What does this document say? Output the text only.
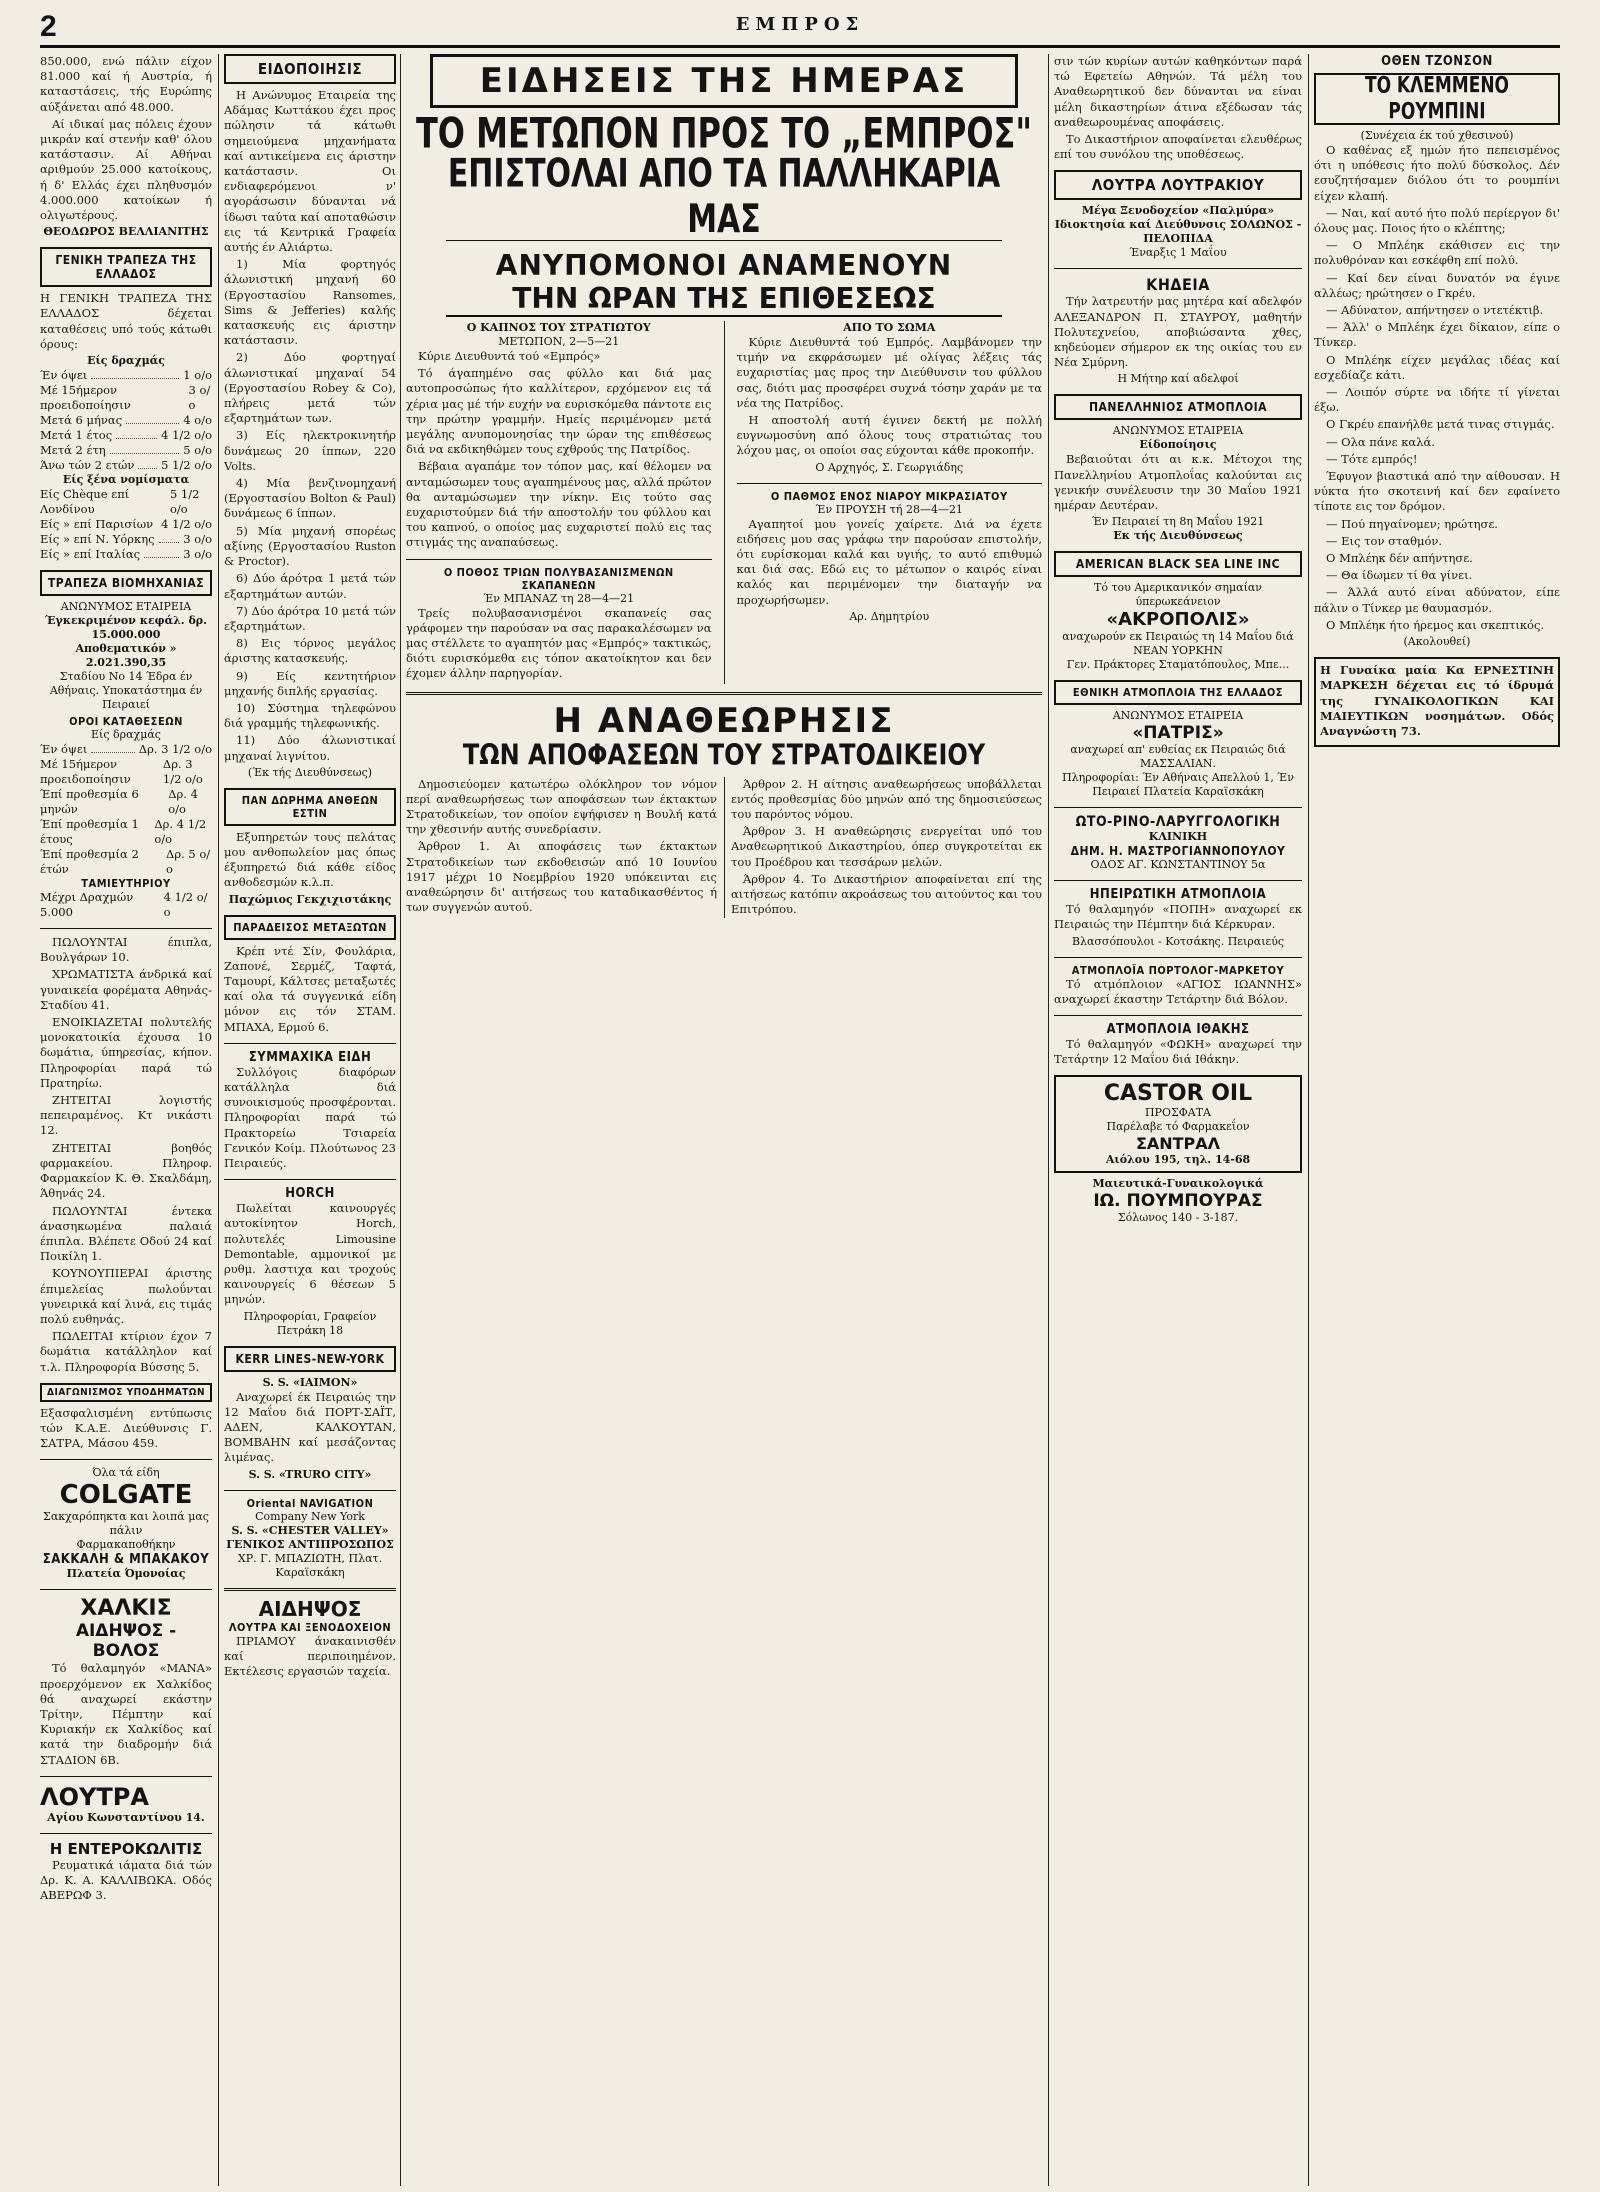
2	ΕΜΠΡΟΣ

850.000, ενώ πάλιν είχον 81.000 καί ή Αυστρία, ή καταστάσεις, τής Ευρώπης αύξάνεται από 48.000.

Αί ιδικαί μας πόλεις έχουν μικράν καί στενήν καθ' όλου κατάστασιν. Αί Αθήναι αριθμούν 25.000 κατοίκους, ή δ' Ελλάς έχει πληθυσμόν 4.000.000 κατοίκων ή ολιγωτέρους.

ΘΕΟΔΩΡΟΣ ΒΕΛΛΙΑΝΙΤΗΣ

ΓΕΝΙΚΗ ΤΡΑΠΕΖΑ ΤΗΣ ΕΛΛΑΔΟΣ

Η ΓΕΝΙΚΗ ΤΡΑΠΕΖΑ ΤΗΣ ΕΛΛΑΔΟΣ δέχεται καταθέσεις υπό τούς κάτωθι όρους:

Είς δραχμάς
Έν όψει	1 ο/ο
Μέ 15ήμερον προειδοποίησιν
3 ο/ο
Μετά 6 μήνας	4 ο/ο
Μετά 1 έτος	4 1/2 ο/ο
Μετά 2 έτη	5 ο/ο
Άνω τών 2 ετών 5 1/2 ο/ο
Είς ξένα νομίσματα
Είς Chèque επί Λονδίνου
5 1/2 ο/ο
Είς » επί Παρισίων 4 1/2 ο/ο
Είς » επί Ν. Υόρκης	3 ο/ο
Είς » επί Ιταλίας	3 ο/ο
ΤΡΑΠΕΖΑ ΒΙΟΜΗΧΑΝΙΑΣ
ΑΝΩΝΥΜΟΣ ΕΤΑΙΡΕΙΑ
Έγκεκριμένον κεφάλ. δρ. 15.000.000
Αποθεματικόν » 2.021.390,35
Σταδίου Νο 14 Έδρα έν Αθήναις. Υποκατάστημα έν Πειραιεί
ΟΡΟΙ ΚΑΤΑΘΕΣΕΩΝ
Είς δραχμάς
Έν όψει	Δρ. 3 1/2 ο/ο
Μέ 15ήμερον προειδοποίησιν
Δρ. 3 1/2 ο/ο
Έπί προθεσμία 6 μηνών
Δρ. 4 ο/ο
Έπί προθεσμία 1 έτους
Δρ. 4 1/2 ο/ο
Έπί προθεσμία 2 έτών
Δρ. 5 ο/ο
ΤΑΜΙΕΥΤΗΡΙΟΥ
Μέχρι Δραχμών 5.000
4 1/2 ο/ο

ΠΩΛΟΥΝΤΑΙ έπιπλα, Βουλγάρων 10.

ΧΡΩΜΑΤΙΣΤΑ άνδρικά καί γυναικεία φορέματα Αθηνάς-Σταδίου 41.

ΕΝΟΙΚΙΑΖΕΤΑΙ πολυτελής μονοκατοικία έχουσα 10 δωμάτια, ύπηρεσίας, κήπον. Πληροφορίαι παρά τώ Πρατηρίω.

ΖΗΤΕΙΤΑΙ λογιστής πεπειραμένος. Κτ νικάστι 12.

ΖΗΤΕΙΤΑΙ βοηθός φαρμακείου. Πληροφ. Φαρμακείον Κ. Θ. Σκαλδάμη, Άθηνάς 24.

ΠΩΛΟΥΝΤΑΙ έντεκα άνασηκωμένα παλαιά έπιπλα. Βλέπετε Οδού 24 καί Ποικίλη 1.

ΚΟΥΝΟΥΠΙΕΡΑΙ άριστης έπιμελείας πωλοΰνται γυνειρικά καί λινά, εις τιμάς πολύ ευθηνάς.

ΠΩΛΕΙΤΑΙ κτίριον έχον 7 δωμάτια κατάλληλον καί τ.λ. Πληροφορία Βύσσης 5.

ΔΙΑΓΩΝΙΣΜΟΣ ΥΠΟΔΗΜΑΤΩΝ

Εξασφαλισμένη εντύπωσις τών Κ.Α.Ε. Διεύθυνσις Γ. ΣΑΤΡΑ, Μάσου 459.

Όλα τά είδη
COLGATE
Σακχαρόπηκτα και λοιπά μας πάλιν
Φαρμακαποθήκην
ΣΑΚΚΑΛΗ & ΜΠΑΚΑΚΟΥ
Πλατεία Όμονοίας
ΧΑΛΚΙΣ
ΑΙΔΗΨΟΣ - ΒΟΛΟΣ

Τό θαλαμηγόν «ΜΑΝΑ» προερχόμενον εκ Χαλκίδος θά αναχωρεί εκάστην Τρίτην, Πέμπτην καί Κυριακήν εκ Χαλκίδος καί κατά την διαδρομήν διά ΣΤΑΔΙΟΝ 6Β.

ΛΟΥΤΡΑ
Αγίου Κωνσταντίνου 14.
Η ΕΝΤΕΡΟΚΩΛΙΤΙΣ

Ρευματικά ιάματα διά τών Δρ. Κ. Α. ΚΑΛΛΙΒΩΚΑ. Οδός ΑΒΕΡΩΦ 3.

ΕΙΔΟΠΟΙΗΣΙΣ

Η Ανώνυμος Εταιρεία της Αδάμας Κωττάκου έχει προς πώλησιν τά κάτωθι σημειούμενα μηχανήματα καί αντικείμενα εις άριστην κατάστασιν. Οι ενδιαφερόμενοι ν' αγοράσωσιν δύνανται νά ίδωσι ταύτα καί αποταθώσιν εις τά Κεντρικά Γραφεία αυτής έν Αλιάρτω.

1) Μία φορτηγός άλωνιστική μηχανή 60 (Εργοστασίου Ransomes, Sims & Jefferies) καλής κατασκευής εις άριστην κατάστασιν.

2) Δύο φορτηγαί άλωνιστικαί μηχαναί 54 (Εργοστασίου Robey & Co), πλήρεις μετά τών εξαρτημάτων των.

3) Είς ηλεκτροκινητήρ δυνάμεως 20 ίππων, 220 Volts.

4) Μία βενζινομηχανή (Εργοστασίου Bolton & Paul) δυνάμεως 6 ίππων.

5) Μία μηχανή σπορέως αξίνης (Εργοστασίου Ruston & Proctor).

6) Δύο άρότρα 1 μετά τών εξαρτημάτων αυτών.

7) Δύο άρότρα 10 μετά τών εξαρτημάτων.

8) Εις τόρνος μεγάλος άριστης κατασκευής.

9) Είς κεντητήριον μηχανής διπλής εργασίας.

10) Σύστημα τηλεφώνου διά γραμμής τηλεφωνικής.

11) Δύο άλωνιστικαί μηχαναί λιγνίτου.

(Έκ τής Διευθύνσεως)
ΠΑΝ ΔΩΡΗΜΑ ΑΝΘΕΩΝ ΕΣΤΙΝ

Εξυπηρετών τους πελάτας μου ανθοπωλείον μας όπως έξυπηρετώ διά κάθε είδος ανθοδεσμών κ.λ.π.

Παχώμιος Γεκχιχιστάκης
ΠΑΡΑΔΕΙΣΟΣ ΜΕΤΑΞΩΤΩΝ

Κρέπ ντέ Σίν, Φουλάρια, Ζαπονέ, Σερμέζ, Ταφτά, Ταμουρί, Κάλτσες μεταξωτές καί ολα τά συγγενικά είδη μόνον εις τόν ΣΤΑΜ. ΜΠΑΧΑ, Ερμού 6.

ΣΥΜΜΑΧΙΚΑ ΕΙΔΗ

Συλλόγοις διαφόρων κατάλληλα διά συνοικισμούς προσφέρονται. Πληροφορίαι παρά τώ Πρακτορείω Τσιαρεία Γενικόν Κοίμ. Πλούτωνος 23 Πειραιεύς.

HORCH

Πωλείται καινουργές αυτοκίνητον Horch, πολυτελές Limousine Demontable, αμμονικοί με ρυθμ. λαστιχα και τροχούς καινουργείς 6 θέσεων 5 μηνών.

Πληροφορίαι, Γραφείον Πετράκη 18
KERR LINES-NEW-YORK
S. S. «ΙΑΙΜΟΝ»

Αναχωρεί έκ Πειραιώς την 12 Μαΐου διά ΠΟΡΤ-ΣΑΪΤ, ΑΔΕΝ, ΚΑΛΚΟΥΤΑΝ, ΒΟΜΒΑΗΝ καί μεσάζοντας λιμένας.

S. S. «TRURO CITY»
Oriental NAVIGATION
Company New York
S. S. «CHESTER VALLEY»
ΓΕΝΙΚΟΣ ΑΝΤΙΠΡΟΣΩΠΟΣ
ΧΡ. Γ. ΜΠΑΖΙΩΤΗ, Πλατ. Καραϊσκάκη
ΑΙΔΗΨΟΣ
ΛΟΥΤΡΑ ΚΑΙ ΞΕΝΟΔΟΧΕΙΟΝ

ΠΡΙΑΜΟΥ άνακαινισθέν καί περιποιημένον. Εκτέλεσις εργασιών ταχεία.

ΕΙΔΗΣΕΙΣ ΤΗΣ ΗΜΕΡΑΣ
ΤΟ ΜΕΤΩΠΟΝ ΠΡΟΣ ΤΟ „ΕΜΠΡΟΣ"
ΕΠΙΣΤΟΛΑΙ ΑΠΟ ΤΑ ΠΑΛΛΗΚΑΡΙΑ ΜΑΣ
ΑΝΥΠΟΜΟΝΟΙ ΑΝΑΜΕΝΟΥΝ
ΤΗΝ ΩΡΑΝ ΤΗΣ ΕΠΙΘΕΣΕΩΣ
Ο ΚΑΠΝΟΣ ΤΟΥ ΣΤΡΑΤΙΩΤΟΥ
ΜΕΤΩΠΟΝ, 2—5—21

Κύριε Διευθυντά τού «Εμπρός»

Τό άγαπημένο σας φύλλο και διά μας αυτοπροσώπως ήτο καλλίτερον, ερχόμενον εις τά χέρια μας μέ τήν ευχήν να ευρισκόμεθα πάντοτε εις την πρώτην γραμμήν. Ημείς περιμένομεν μετά μεγάλης ανυπομονησίας την ώραν της επιθέσεως διά να εκδικηθώμεν τους εχθρούς της Πατρίδος.

Βέβαια αγαπάμε τον τόπον μας, καί θέλομεν να ανταμώσωμεν τους αγαπημένους μας, αλλά πρώτον θα ανταμώσωμεν την νίκην. Εις τούτο σας ευχαριστούμεν διά τήν αποστολήν του φύλλου και του καπνού, ο οποίος μας ευχαριστεί πολύ εις τας στιγμάς της αναπαύσεως.

Ο ΠΟΘΟΣ ΤΡΙΩΝ ΠΟΛΥΒΑΣΑΝΙΣΜΕΝΩΝ ΣΚΑΠΑΝΕΩΝ
Έν ΜΠΑΝΑΖ τη 28—4—21

Τρείς πολυβασανισμένοι σκαπανείς σας γράφομεν την παρούσαν να σας παρακαλέσωμεν να μας στέλλετε το αγαπητόν μας «Εμπρός» τακτικώς, διότι ευρισκόμεθα εις τόπον ακατοίκητον και δεν έχομεν άλλην παρηγορίαν.

ΑΠΟ ΤΟ ΣΩΜΑ

Κύριε Διευθυντά τού Εμπρός. Λαμβάνομεν την τιμήν να εκφράσωμεν μέ ολίγας λέξεις τάς ευχαριστίας μας προς την Διεύθυνσιν του φύλλου σας, διότι μας προσφέρει συχνά τόσην χαράν με τα νέα της Πατρίδος.

Η αποστολή αυτή έγινεν δεκτή με πολλή ευγνωμοσύνη από όλους τους στρατιώτας του λόχου μας, οι οποίοι σας εύχονται κάθε προκοπήν.

Ο Αρχηγός, Σ. Γεωργιάδης
Ο ΠΑΘΜΟΣ ΕΝΟΣ ΝΙΑΡΟΥ ΜΙΚΡΑΣΙΑΤΟΥ
Έν ΠΡΟΥΣΗ τή 28—4—21

Αγαπητοί μου γονείς χαίρετε. Διά να έχετε ειδήσεις μου σας γράφω την παρούσαν επιστολήν, ότι ευρίσκομαι καλά και υγιής, το αυτό επιθυμώ και διά σας. Εδώ εις το μέτωπον ο καιρός είναι καλός και περιμένομεν την διαταγήν να προχωρήσωμεν.

Αρ. Δημητρίου
Η ΑΝΑΘΕΩΡΗΣΙΣ
ΤΩΝ ΑΠΟΦΑΣΕΩΝ ΤΟΥ ΣΤΡΑΤΟΔΙΚΕΙΟΥ

Δημοσιεύομεν κατωτέρω ολόκληρον τον νόμον περί αναθεωρήσεως των αποφάσεων των έκτακτων Στρατοδικείων, τον οποίον εψήφισεν η Βουλή κατά την χθεσινήν αυτής συνεδρίασιν.

Άρθρον 1. Αι αποφάσεις των έκτακτων Στρατοδικείων των εκδοθεισών από 10 Ιουνίου 1917 μέχρι 10 Νοεμβρίου 1920 υπόκεινται εις αναθεώρησιν δι' αιτήσεως του καταδικασθέντος ή των συγγενών αυτού.

Άρθρον 2. Η αίτησις αναθεωρήσεως υποβάλλεται εντός προθεσμίας δύο μηνών από της δημοσιεύσεως του παρόντος νόμου.

Άρθρον 3. Η αναθεώρησις ενεργείται υπό του Αναθεωρητικού Δικαστηρίου, όπερ συγκροτείται εκ του Προέδρου και τεσσάρων μελών.

Άρθρον 4. Το Δικαστήριον αποφαίνεται επί της αιτήσεως κατόπιν ακροάσεως του αιτούντος και του Επιτρόπου.

σιν τών κυρίων αυτών καθηκόντων παρά τώ Εφετείω Αθηνών. Τά μέλη του Αναθεωρητικού δεν δύνανται να είναι μέλη δικαστηρίων άτινα εξέδωσαν τάς αναθεωρουμένας αποφάσεις.

Το Δικαστήριον αποφαίνεται ελευθέρως επί του συνόλου της υποθέσεως.

ΛΟΥΤΡΑ ΛΟΥΤΡΑΚΙΟΥ
Μέγα Ξενοδοχείον «Παλμύρα»
Ιδιοκτησία καί Διεύθυνσις ΣΟΛΩΝΟΣ - ΠΕΛΟΠΙΔΑ
Έναρξις 1 Μαΐου
ΚΗΔΕΙΑ

Τήν λατρευτήν μας μητέρα καί αδελφόν ΑΛΕΞΑΝΔΡΟΝ Π. ΣΤΑΥΡΟΥ, μαθητήν Πολυτεχνείου, αποβιώσαντα χθες, κηδεύομεν σήμερον εκ της οικίας του εν Νέα Σμύρνη.

Η Μήτηρ καί αδελφοί
ΠΑΝΕΛΛΗΝΙΟΣ ΑΤΜΟΠΛΟΙΑ
ΑΝΩΝΥΜΟΣ ΕΤΑΙΡΕΙΑ
Είδοποίησις

Βεβαιούται ότι αι κ.κ. Μέτοχοι της Πανελληνίου Ατμοπλοΐας καλούνται εις γενικήν συνέλευσιν την 30 Μαΐου 1921 ημέραν Δευτέραν.

Έν Πειραιεί τη 8η Μαΐου 1921
Εκ τής Διευθύνσεως
AMERICAN BLACK SEA LINE INC
Τό του Αμερικανικόν σημαίαν ύπερωκεάνειον
«ΑΚΡΟΠΟΛΙΣ»
αναχωρούν εκ Πειραιώς τη 14 Μαΐου διά ΝΕΑΝ ΥΟΡΚΗΝ
Γεν. Πράκτορες Σταματόπουλος, Μπε...
ΕΘΝΙΚΗ ΑΤΜΟΠΛΟΙΑ ΤΗΣ ΕΛΛΑΔΟΣ
ΑΝΩΝΥΜΟΣ ΕΤΑΙΡΕΙΑ
«ΠΑΤΡΙΣ»
αναχωρεί απ' ευθείας εκ Πειραιώς διά ΜΑΣΣΑΛΙΑΝ.
Πληροφορίαι: Έν Αθήναις Απελλού 1, Έν Πειραιεί Πλατεία Καραϊσκάκη
ΩΤΟ-ΡΙΝΟ-ΛΑΡΥΓΓΟΛΟΓΙΚΗ
ΚΛΙΝΙΚΗ
ΔΗΜ. Η. ΜΑΣΤΡΟΓΙΑΝΝΟΠΟΥΛΟΥ
ΟΔΟΣ ΑΓ. ΚΩΝΣΤΑΝΤΙΝΟΥ 5α
ΗΠΕΙΡΩΤΙΚΗ ΑΤΜΟΠΛΟΙΑ

Τό θαλαμηγόν «ΠΟΠΗ» αναχωρεί εκ Πειραιώς την Πέμπτην διά Κέρκυραν.

Βλασσόπουλοι - Κοτσάκης. Πειραιεύς
ΑΤΜΟΠΛΟΪΑ ΠΟΡΤΟΛΟΓ-ΜΑΡΚΕΤΟΥ

Τό ατμόπλοιον «ΑΓΙΟΣ ΙΩΑΝΝΗΣ» αναχωρεί έκαστην Τετάρτην διά Βόλον.

ΑΤΜΟΠΛΟΙΑ ΙΘΑΚΗΣ

Τό θαλαμηγόν «ΦΩΚΗ» αναχωρεί την Τετάρτην 12 Μαΐου διά Ιθάκην.

CASTOR OIL
ΠΡΟΣΦΑΤΑ
Παρέλαβε τό Φαρμακεΐον
ΣΑΝΤΡΑΛ
Αιόλου 195, τηλ. 14-68
Μαιευτικά-Γυναικολογικά
ΙΩ. ΠΟΥΜΠΟΥΡΑΣ
Σόλωνος 140 - 3-187.
ΟΘΕΝ ΤΖΟΝΣΟΝ
ΤΟ ΚΛΕΜΜΕΝΟ ΡΟΥΜΠΙΝΙ
(Συνέχεια έκ τού χθεσινού)

Ο καθένας εξ ημών ήτο πεπεισμένος ότι η υπόθεσις ήτο πολύ δύσκολος. Δέν εσυζητήσαμεν διόλου ότι το ρουμπίνι είχεν κλαπή.

— Ναι, καί αυτό ήτο πολύ περίεργον δι' όλους μας. Ποιος ήτο ο κλέπτης;

— Ο Μπλέηκ εκάθισεν εις την πολυθρόναν και εσκέφθη επί πολύ.

— Καί δεν είναι δυνατόν να έγινε αλλέως; ηρώτησεν ο Γκρέυ.

— Αδύνατον, απήντησεν ο ντετέκτιβ.

— Άλλ' ο Μπλέηκ έχει δίκαιον, είπε ο Τίνκερ.

Ο Μπλέηκ είχεν μεγάλας ιδέας καί εσχεδίαζε κάτι.

— Λοιπόν σύρτε να ιδήτε τί γίνεται έξω.

Ο Γκρέυ επανήλθε μετά τινας στιγμάς.

— Ολα πάνε καλά.

— Τότε εμπρός!

Έφυγον βιαστικά από την αίθουσαν. Η νύκτα ήτο σκοτεινή καί δεν εφαίνετο τίποτε εις τον δρόμον.

— Πού πηγαίνομεν; ηρώτησε.

— Εις τον σταθμόν.

Ο Μπλέηκ δέν απήντησε.

— Θα ίδωμεν τί θα γίνει.

— Άλλά αυτό είναι αδύνατον, είπε πάλιν ο Τίνκερ με θαυμασμόν.

Ο Μπλέηκ ήτο ήρεμος και σκεπτικός.

(Ακολουθεί)

Η Γυναίκα μαία Κα ΕΡΝΕΣΤΙΝΗ ΜΑΡΚΕΣΗ δέχεται εις τό ίδρυμά της ΓΥΝΑΙΚΟΛΟΓΙΚΩΝ ΚΑΙ ΜΑΙΕΥΤΙΚΩΝ νοσημάτων. Οδός Αναγνώστη 73.
